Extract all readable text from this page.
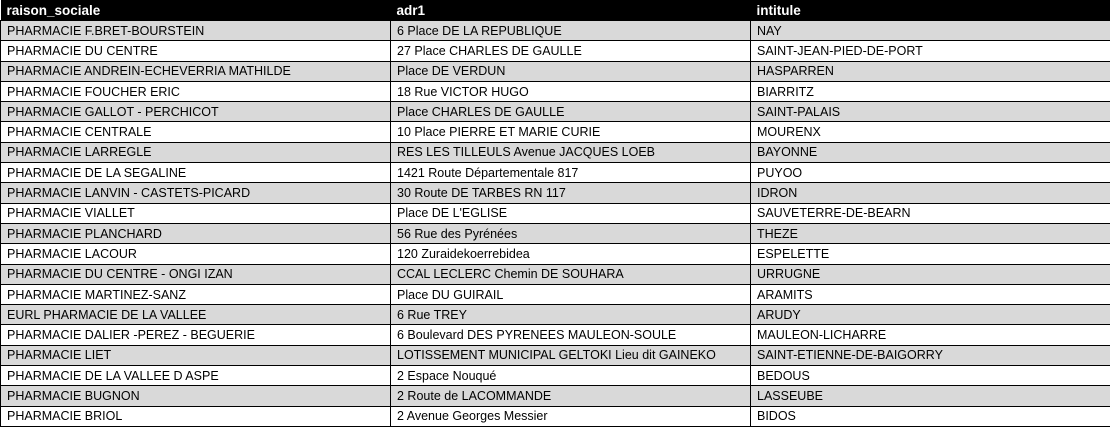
raison_sociale	adr1	intitule
PHARMACIE F.BRET-BOURSTEIN	6 Place DE LA REPUBLIQUE	NAY
PHARMACIE DU CENTRE	27 Place CHARLES DE GAULLE	SAINT-JEAN-PIED-DE-PORT
PHARMACIE ANDREIN-ECHEVERRIA MATHILDE	Place DE VERDUN	HASPARREN
PHARMACIE FOUCHER ERIC	18 Rue VICTOR HUGO	BIARRITZ
PHARMACIE GALLOT - PERCHICOT	Place CHARLES DE GAULLE	SAINT-PALAIS
PHARMACIE CENTRALE	10 Place PIERRE ET MARIE CURIE	MOURENX
PHARMACIE LARREGLE	RES LES TILLEULS Avenue JACQUES LOEB	BAYONNE
PHARMACIE DE LA SEGALINE	1421 Route Départementale 817	PUYOO
PHARMACIE LANVIN - CASTETS-PICARD	30 Route DE TARBES RN 117	IDRON
PHARMACIE VIALLET	Place DE L'EGLISE	SAUVETERRE-DE-BEARN
PHARMACIE PLANCHARD	56 Rue des Pyrénées	THEZE
PHARMACIE LACOUR	120 Zuraidekoerrebidea	ESPELETTE
PHARMACIE DU CENTRE - ONGI IZAN	CCAL LECLERC Chemin DE SOUHARA	URRUGNE
PHARMACIE MARTINEZ-SANZ	Place DU GUIRAIL	ARAMITS
EURL PHARMACIE DE LA VALLEE	6 Rue TREY	ARUDY
PHARMACIE DALIER -PEREZ - BEGUERIE	6 Boulevard DES PYRENEES MAULEON-SOULE	MAULEON-LICHARRE
PHARMACIE LIET	LOTISSEMENT MUNICIPAL GELTOKI Lieu dit GAINEKO	SAINT-ETIENNE-DE-BAIGORRY
PHARMACIE DE LA VALLEE D ASPE	2 Espace Nouqué	BEDOUS
PHARMACIE BUGNON	2 Route de LACOMMANDE	LASSEUBE
PHARMACIE BRIOL	2 Avenue Georges Messier	BIDOS
